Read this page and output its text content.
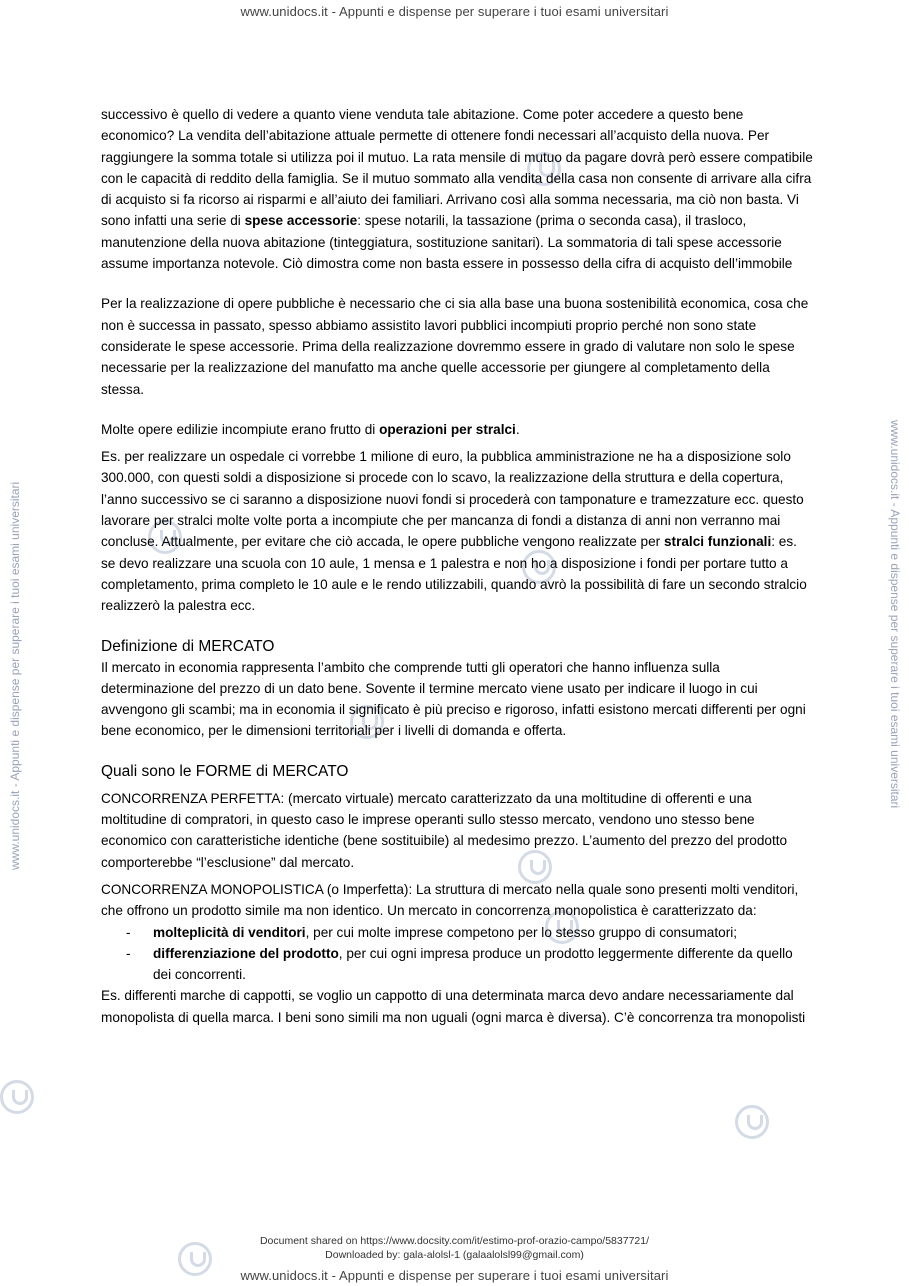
www.unidocs.it - Appunti e dispense per superare i tuoi esami universitari
www.unidocs.it - Appunti e dispense per superare i tuoi esami universitari
www.unidocs.it - Appunti e dispense per superare i tuoi esami universitari	www.unidocs.it - Appunti e dispense per superare i tuoi esami universitari

successivo è quello di vedere a quanto viene venduta tale abitazione. Come poter accedere a questo bene economico? La vendita dell’abitazione attuale permette di ottenere fondi necessari all’acquisto della nuova. Per raggiungere la somma totale si utilizza poi il mutuo. La rata mensile di mutuo da pagare dovrà però essere compatibile con le capacità di reddito della famiglia. Se il mutuo sommato alla vendita della casa non consente di arrivare alla cifra di acquisto si fa ricorso ai risparmi e all’aiuto dei familiari. Arrivano così alla somma necessaria, ma ciò non basta. Vi sono infatti una serie di spese accessorie: spese notarili, la tassazione (prima o seconda casa), il trasloco, manutenzione della nuova abitazione (tinteggiatura, sostituzione sanitari). La sommatoria di tali spese accessorie assume importanza notevole. Ciò dimostra come non basta essere in possesso della cifra di acquisto dell’immobile

Per la realizzazione di opere pubbliche è necessario che ci sia alla base una buona sostenibilità economica, cosa che non è successa in passato, spesso abbiamo assistito lavori pubblici incompiuti proprio perché non sono state considerate le spese accessorie. Prima della realizzazione dovremmo essere in grado di valutare non solo le spese necessarie per la realizzazione del manufatto ma anche quelle accessorie per giungere al completamento della stessa.

Molte opere edilizie incompiute erano frutto di operazioni per stralci.

Es. per realizzare un ospedale ci vorrebbe 1 milione di euro, la pubblica amministrazione ne ha a disposizione solo 300.000, con questi soldi a disposizione si procede con lo scavo, la realizzazione della struttura e della copertura, l’anno successivo se ci saranno a disposizione nuovi fondi si procederà con tamponature e tramezzature ecc. questo lavorare per stralci molte volte porta a incompiute che per mancanza di fondi a distanza di anni non verranno mai concluse. Attualmente, per evitare che ciò accada, le opere pubbliche vengono realizzate per stralci funzionali: es. se devo realizzare una scuola con 10 aule, 1 mensa e 1 palestra e non ho a disposizione i fondi per portare tutto a completamento, prima completo le 10 aule e le rendo utilizzabili, quando avrò la possibilità di fare un secondo stralcio realizzerò la palestra ecc.

Definizione di MERCATO

Il mercato in economia rappresenta l’ambito che comprende tutti gli operatori che hanno influenza sulla determinazione del prezzo di un dato bene. Sovente il termine mercato viene usato per indicare il luogo in cui avvengono gli scambi; ma in economia il significato è più preciso e rigoroso, infatti esistono mercati differenti per ogni bene economico, per le dimensioni territoriali per i livelli di domanda e offerta.

Quali sono le FORME di MERCATO

CONCORRENZA PERFETTA: (mercato virtuale) mercato caratterizzato da una moltitudine di offerenti e una moltitudine di compratori, in questo caso le imprese operanti sullo stesso mercato, vendono uno stesso bene economico con caratteristiche identiche (bene sostituibile) al medesimo prezzo. L’aumento del prezzo del prodotto comporterebbe “l’esclusione” dal mercato.

CONCORRENZA MONOPOLISTICA (o Imperfetta): La struttura di mercato nella quale sono presenti molti venditori, che offrono un prodotto simile ma non identico. Un mercato in concorrenza monopolistica è caratterizzato da:

- molteplicità di venditori, per cui molte imprese competono per lo stesso gruppo di consumatori;
- differenziazione del prodotto, per cui ogni impresa produce un prodotto leggermente differente da quello dei concorrenti.

Es. differenti marche di cappotti, se voglio un cappotto di una determinata marca devo andare necessariamente dal monopolista di quella marca. I beni sono simili ma non uguali (ogni marca è diversa). C’è concorrenza tra monopolisti

Document shared on https://www.docsity.com/it/estimo-prof-orazio-campo/5837721/
Downloaded by: gala-alolsl-1 (galaalolsl99@gmail.com)
